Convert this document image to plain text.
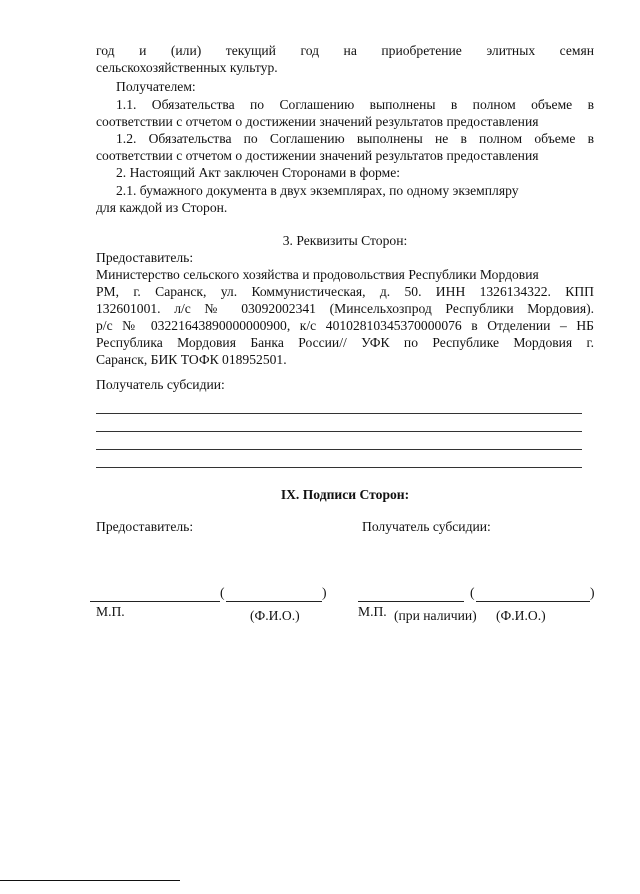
год и (или) текущий год на приобретение элитных семян
сельскохозяйственных культур.
Получателем:
1.1. Обязательства по Соглашению выполнены в полном объеме в
соответствии с отчетом о достижении значений результатов предоставления
1.2. Обязательства по Соглашению выполнены не в полном объеме в
соответствии с отчетом о достижении значений результатов предоставления
2. Настоящий Акт заключен Сторонами в форме:
2.1. бумажного документа в двух экземплярах, по одному экземпляру
для каждой из Сторон.
3. Реквизиты Сторон:
Предоставитель:
Министерство сельского хозяйства и продовольствия Республики Мордовия
РМ, г. Саранск, ул. Коммунистическая, д. 50. ИНН 1326134322. КПП
132601001. л/с № 03092002341 (Минсельхозпрод Республики Мордовия).
р/с № 03221643890000000900, к/с 40102810345370000076 в Отделении – НБ
Республика Мордовия Банка России// УФК по Республике Мордовия г.
Саранск, БИК ТОФК 018952501.
Получатель субсидии:
IX. Подписи Сторон:
Предоставитель:	Получатель субсидии:
(	)	(	)
М.П.	(Ф.И.О.)	М.П. (при наличии) (Ф.И.О.)
